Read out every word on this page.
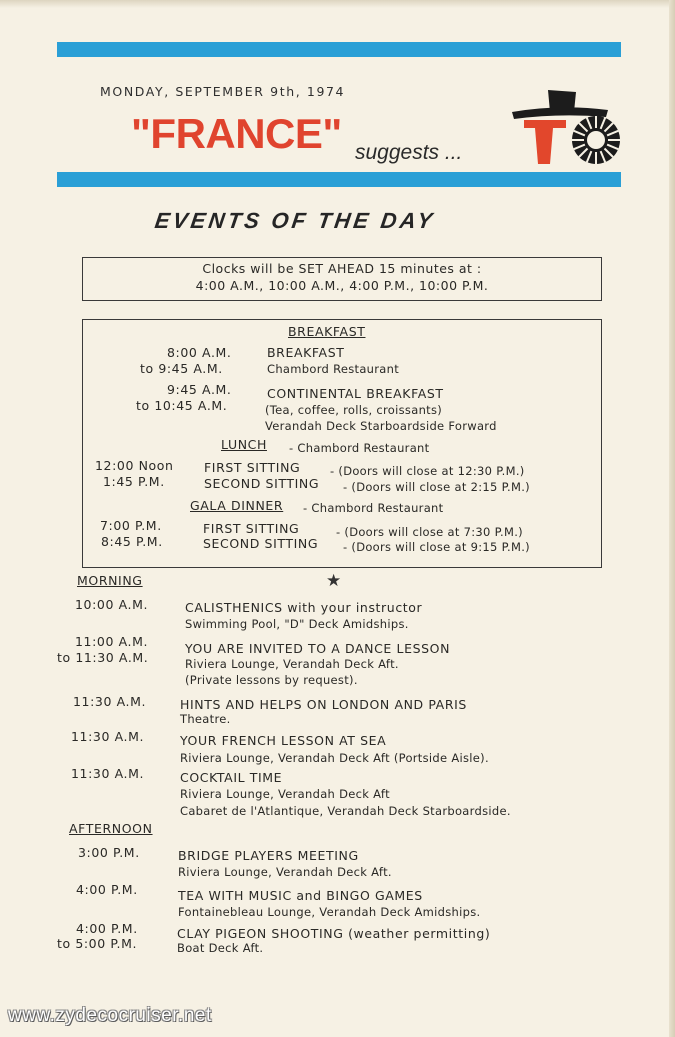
MONDAY, SEPTEMBER 9th, 1974
"FRANCE" suggests ...
EVENTS OF THE DAY
Clocks will be SET AHEAD 15 minutes at :
4:00 A.M., 10:00 A.M., 4:00 P.M., 10:00 P.M.
BREAKFAST
8:00 A.M.	BREAKFAST
to 9:45 A.M.	Chambord Restaurant
9:45 A.M.	CONTINENTAL BREAKFAST
to 10:45 A.M.	(Tea, coffee, rolls, croissants)
Verandah Deck Starboardside Forward
LUNCH - Chambord Restaurant
12:00 Noon FIRST SITTING	- (Doors will close at 12:30 P.M.)
1:45 P.M.	SECOND SITTING - (Doors will close at 2:15 P.M.)
GALA DINNER - Chambord Restaurant
7:00 P.M.	FIRST SITTING	- (Doors will close at 7:30 P.M.)
8:45 P.M.	SECOND SITTING - (Doors will close at 9:15 P.M.)
MORNING	★
10:00 A.M.	CALISTHENICS with your instructor
Swimming Pool, "D" Deck Amidships.
11:00 A.M.	YOU ARE INVITED TO A DANCE LESSON
to 11:30 A.M.	Riviera Lounge, Verandah Deck Aft.
(Private lessons by request).
11:30 A.M.	HINTS AND HELPS ON LONDON AND PARIS
Theatre.
11:30 A.M.	YOUR FRENCH LESSON AT SEA
Riviera Lounge, Verandah Deck Aft (Portside Aisle).
11:30 A.M.	COCKTAIL TIME
Riviera Lounge, Verandah Deck Aft
Cabaret de l'Atlantique, Verandah Deck Starboardside.
AFTERNOON
3:00 P.M.	BRIDGE PLAYERS MEETING
Riviera Lounge, Verandah Deck Aft.
4:00 P.M.	TEA WITH MUSIC and BINGO GAMES
Fontainebleau Lounge, Verandah Deck Amidships.
4:00 P.M.	CLAY PIGEON SHOOTING (weather permitting)
to 5:00 P.M.	Boat Deck Aft.
www.zydecocruiser.net
